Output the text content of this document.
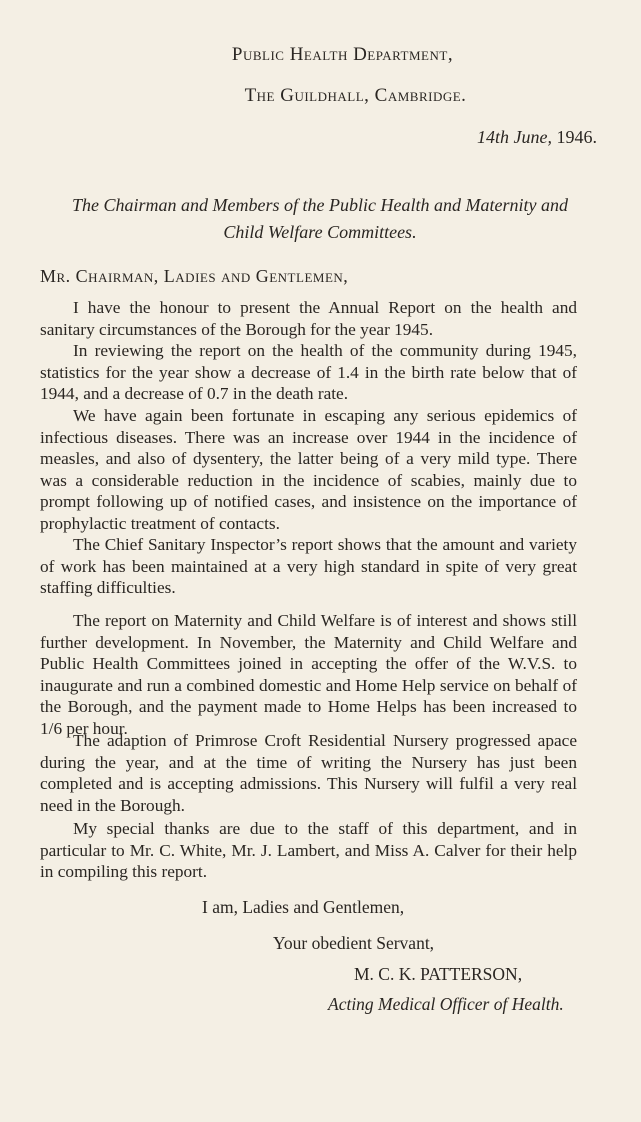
Public Health Department,
The Guildhall, Cambridge.
14th June, 1946.
The Chairman and Members of the Public Health and Maternity and
Child Welfare Committees.
Mr. Chairman, Ladies and Gentlemen,

I have the honour to present the Annual Report on the health and sanitary circumstances of the Borough for the year 1945.

In reviewing the report on the health of the community during 1945, statistics for the year show a decrease of 1.4 in the birth rate below that of 1944, and a decrease of 0.7 in the death rate.

We have again been fortunate in escaping any serious epidemics of infectious diseases. There was an increase over 1944 in the incidence of measles, and also of dysentery, the latter being of a very mild type. There was a considerable reduction in the incidence of scabies, mainly due to prompt following up of notified cases, and insistence on the importance of prophylactic treatment of contacts.

The Chief Sanitary Inspector’s report shows that the amount and variety of work has been maintained at a very high standard in spite of very great staffing difficulties.

The report on Maternity and Child Welfare is of interest and shows still further development. In November, the Maternity and Child Welfare and Public Health Committees joined in accepting the offer of the W.V.S. to inaugurate and run a combined domestic and Home Help service on behalf of the Borough, and the payment made to Home Helps has been increased to 1/6 per hour.

The adaption of Primrose Croft Residential Nursery progressed apace during the year, and at the time of writing the Nursery has just been completed and is accepting admissions. This Nursery will fulfil a very real need in the Borough.

My special thanks are due to the staff of this department, and in particular to Mr. C. White, Mr. J. Lambert, and Miss A. Calver for their help in compiling this report.

I am, Ladies and Gentlemen,
Your obedient Servant,
M. C. K. PATTERSON,
Acting Medical Officer of Health.
